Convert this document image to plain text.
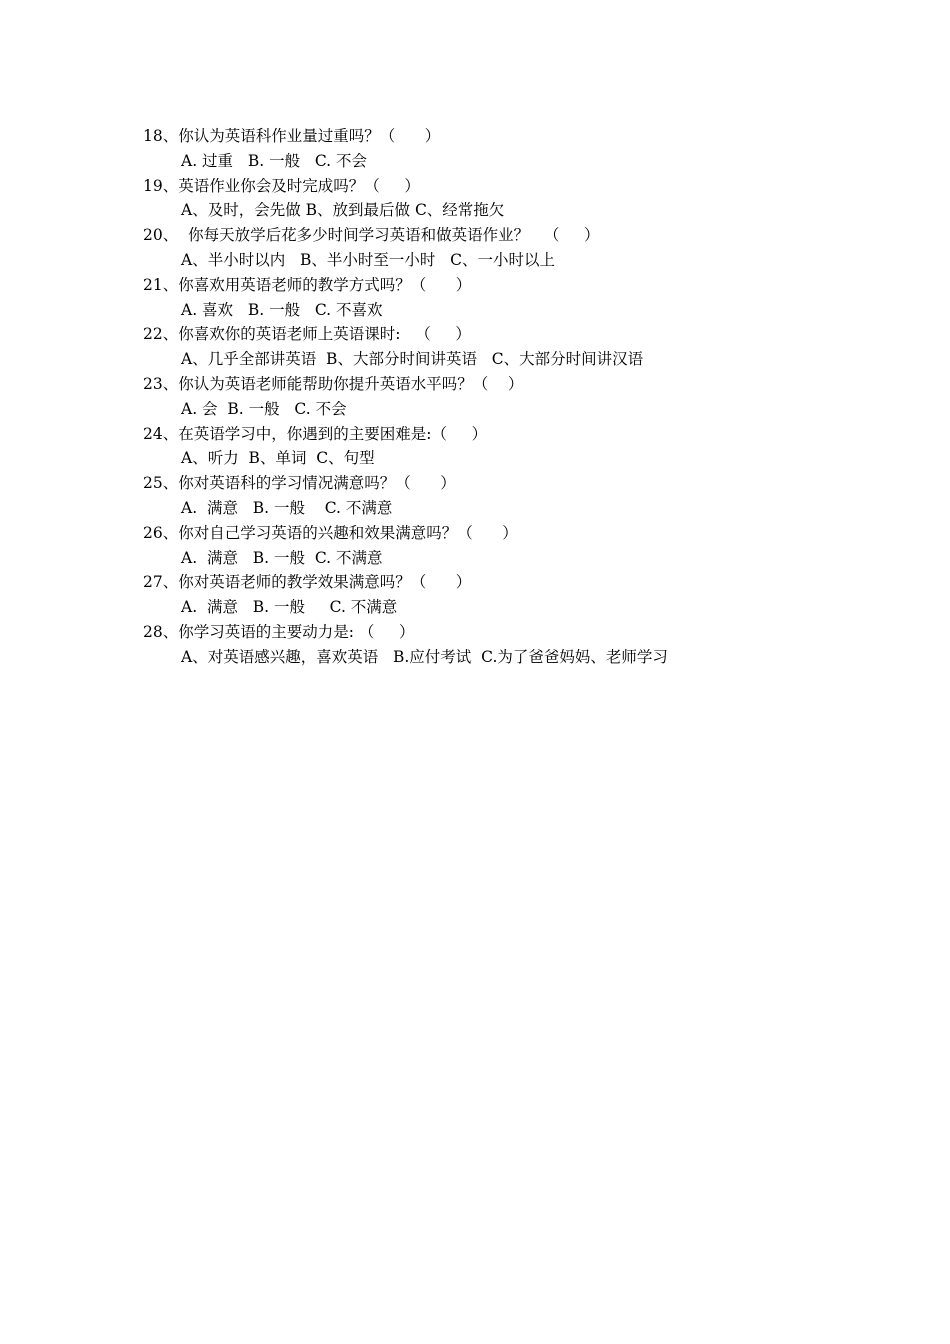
18、你认为英语科作业量过重吗？（      ）
A. 过重   B. 一般   C. 不会
19、英语作业你会及时完成吗？（     ）
A、及时，会先做 B、放到最后做 C、经常拖欠
20、  你每天放学后花多少时间学习英语和做英语作业？   （     ）
A、半小时以内   B、半小时至一小时   C、一小时以上
21、你喜欢用英语老师的教学方式吗？（      ）
A. 喜欢   B. 一般   C. 不喜欢
22、你喜欢你的英语老师上英语课时:   （     ）
A、几乎全部讲英语  B、大部分时间讲英语   C、大部分时间讲汉语
23、你认为英语老师能帮助你提升英语水平吗？（    ）
A. 会  B. 一般   C. 不会
24、在英语学习中，你遇到的主要困难是:（     ）
A、听力  B、单词  C、句型
25、你对英语科的学习情况满意吗？（      ）
A.  满意   B. 一般    C. 不满意
26、你对自己学习英语的兴趣和效果满意吗？（      ）
A.  满意   B. 一般  C. 不满意
27、你对英语老师的教学效果满意吗？（      ）
A.  满意   B. 一般     C. 不满意
28、你学习英语的主要动力是: （     ）
A、对英语感兴趣，喜欢英语   B.应付考试  C.为了爸爸妈妈、老师学习
